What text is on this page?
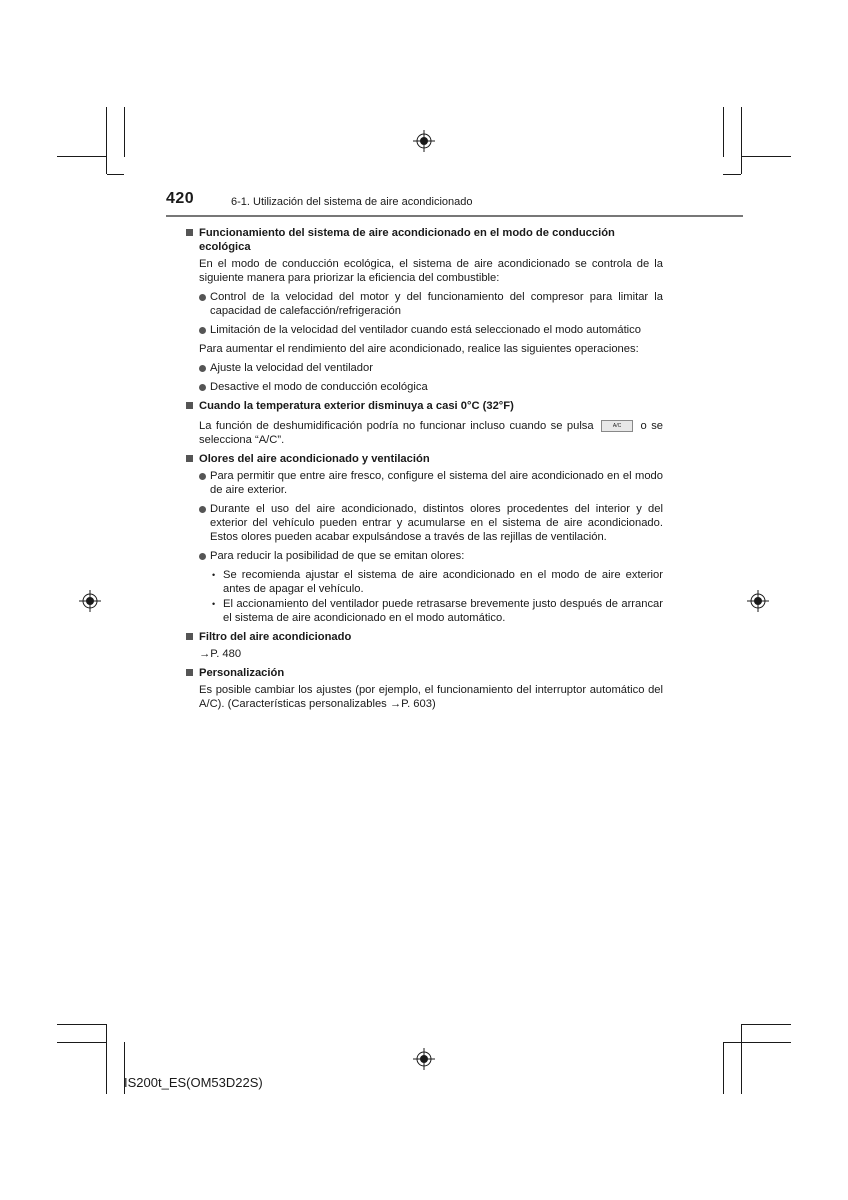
420	6-1. Utilización del sistema de aire acondicionado
Funcionamiento del sistema de aire acondicionado en el modo de conducción ecológica
En el modo de conducción ecológica, el sistema de aire acondicionado se controla de la siguiente manera para priorizar la eficiencia del combustible:
Control de la velocidad del motor y del funcionamiento del compresor para limitar la capacidad de calefacción/refrigeración
Limitación de la velocidad del ventilador cuando está seleccionado el modo automático
Para aumentar el rendimiento del aire acondicionado, realice las siguientes operaciones:
Ajuste la velocidad del ventilador
Desactive el modo de conducción ecológica
Cuando la temperatura exterior disminuya a casi 0°C (32°F)
La función de deshumidificación podría no funcionar incluso cuando se pulsa	A/C o se selecciona “A/C”.
Olores del aire acondicionado y ventilación
Para permitir que entre aire fresco, configure el sistema del aire acondicionado en el modo de aire exterior.
Durante el uso del aire acondicionado, distintos olores procedentes del interior y del exterior del vehículo pueden entrar y acumularse en el sistema de aire acondicionado. Estos olores pueden acabar expulsándose a través de las rejillas de ventilación.
Para reducir la posibilidad de que se emitan olores:
• Se recomienda ajustar el sistema de aire acondicionado en el modo de aire exterior antes de apagar el vehículo.
• El accionamiento del ventilador puede retrasarse brevemente justo después de arrancar el sistema de aire acondicionado en el modo automático.
Filtro del aire acondicionado
→P. 480
Personalización
Es posible cambiar los ajustes (por ejemplo, el funcionamiento del interruptor automático del A/C). (Características personalizables →P. 603)
IS200t_ES(OM53D22S)
